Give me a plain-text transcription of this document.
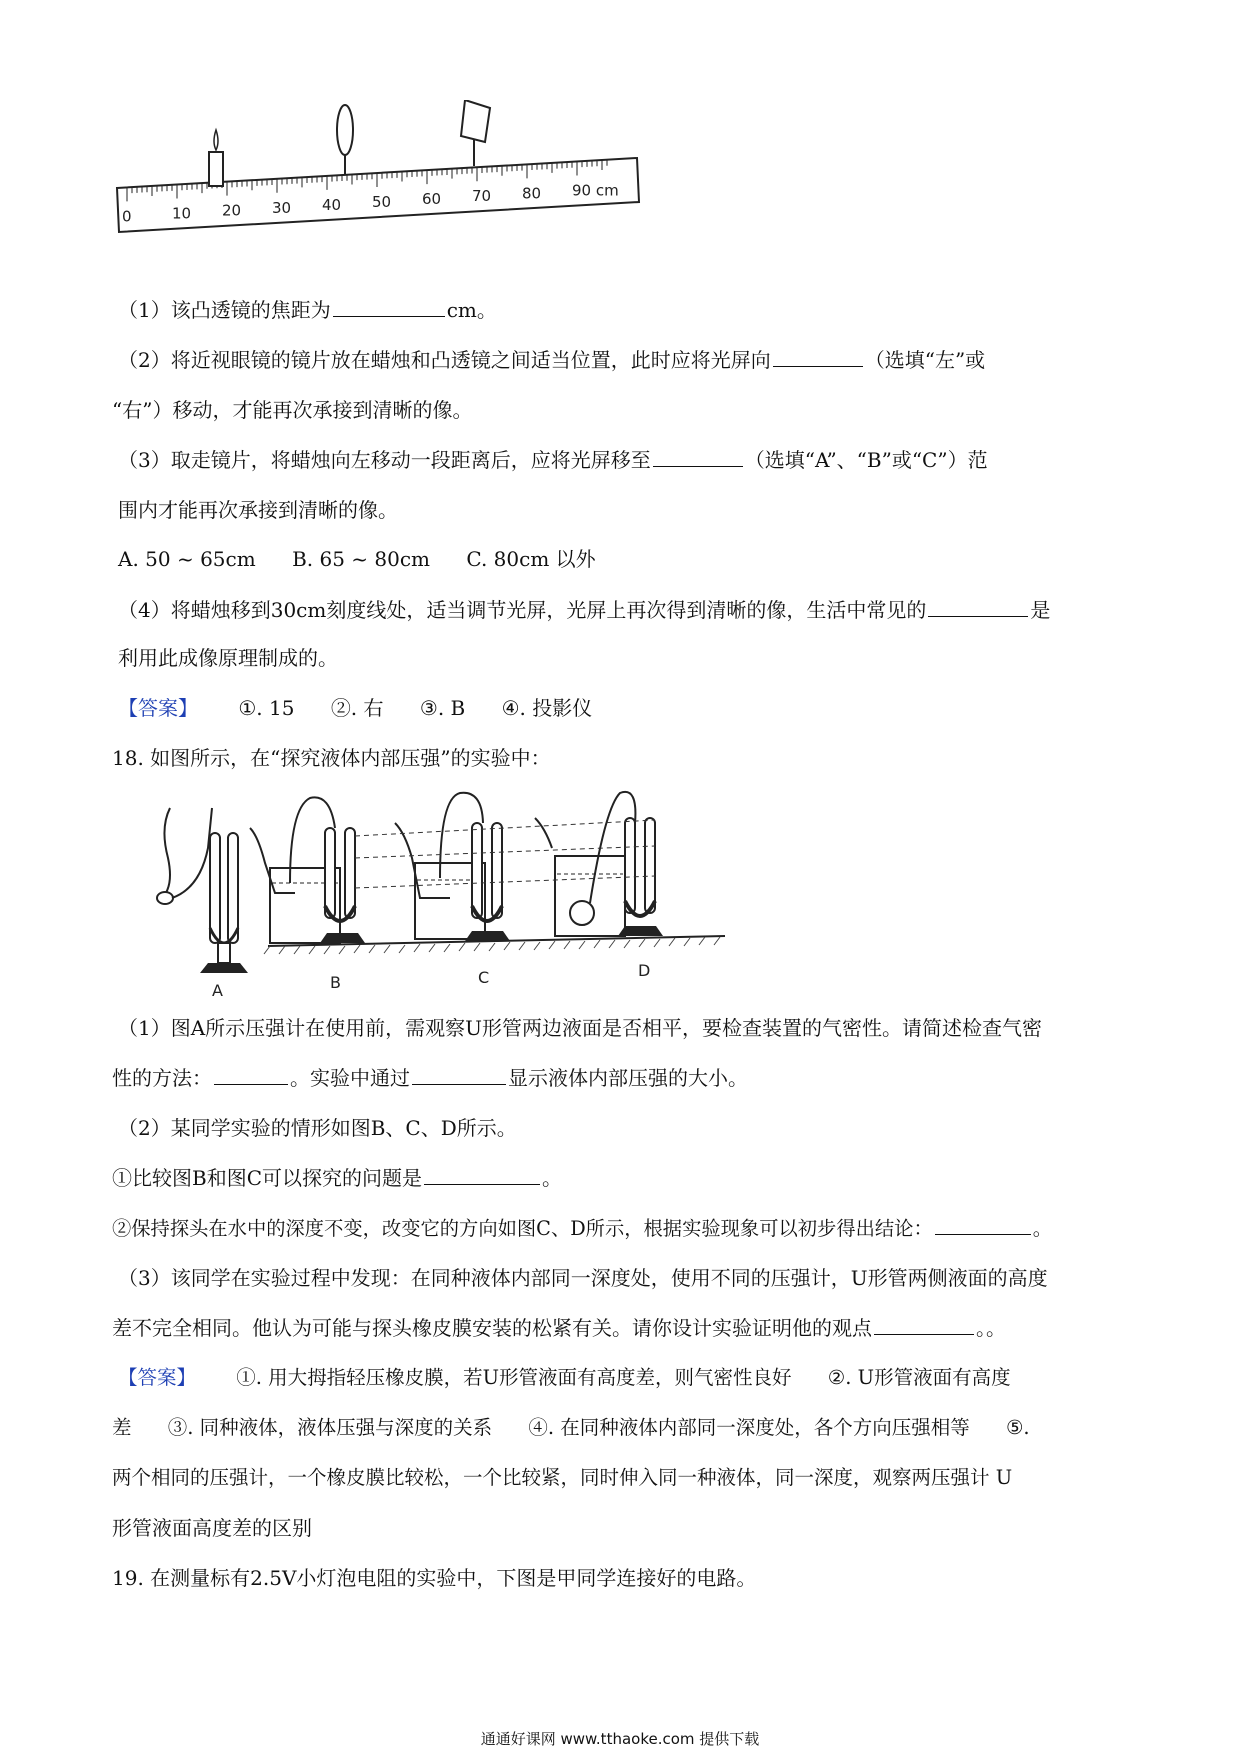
0	10 20 30 40 50 60 70 80 90 cm
（1）该凸透镜的焦距为	cm。
（2）将近视眼镜的镜片放在蜡烛和凸透镜之间适当位置，此时应将光屏向	（选填“左”或
“右”）移动，才能再次承接到清晰的像。
（3）取走镜片，将蜡烛向左移动一段距离后，应将光屏移至	（选填“A”、“B”或“C”）范
围内才能再次承接到清晰的像。
A. 50 ~ 65cm B. 65 ~ 80cm C. 80cm 以外
（4）将蜡烛移到30cm刻度线处，适当调节光屏，光屏上再次得到清晰的像，生活中常见的	是
利用此成像原理制成的。
【答案】 ①. 15 ②. 右 ③. B ④. 投影仪
18. 如图所示，在“探究液体内部压强”的实验中：
A	B	C	D
（1）图A所示压强计在使用前，需观察U形管两边液面是否相平，要检查装置的气密性。请简述检查气密
性的方法：	。实验中通过	显示液体内部压强的大小。
（2）某同学实验的情形如图B、C、D所示。
①比较图B和图C可以探究的问题是	。
②保持探头在水中的深度不变，改变它的方向如图C、D所示，根据实验现象可以初步得出结论：	。
（3）该同学在实验过程中发现：在同种液体内部同一深度处，使用不同的压强计，U形管两侧液面的高度
差不完全相同。他认为可能与探头橡皮膜安装的松紧有关。请你设计实验证明他的观点	。。
【答案】 ①. 用大拇指轻压橡皮膜，若U形管液面有高度差，则气密性良好 ②. U形管液面有高度
差 ③. 同种液体，液体压强与深度的关系 ④. 在同种液体内部同一深度处，各个方向压强相等 ⑤.
两个相同的压强计，一个橡皮膜比较松，一个比较紧，同时伸入同一种液体，同一深度，观察两压强计 U
形管液面高度差的区别
19. 在测量标有2.5V小灯泡电阻的实验中，下图是甲同学连接好的电路。
通通好课网 www.tthaoke.com 提供下载
